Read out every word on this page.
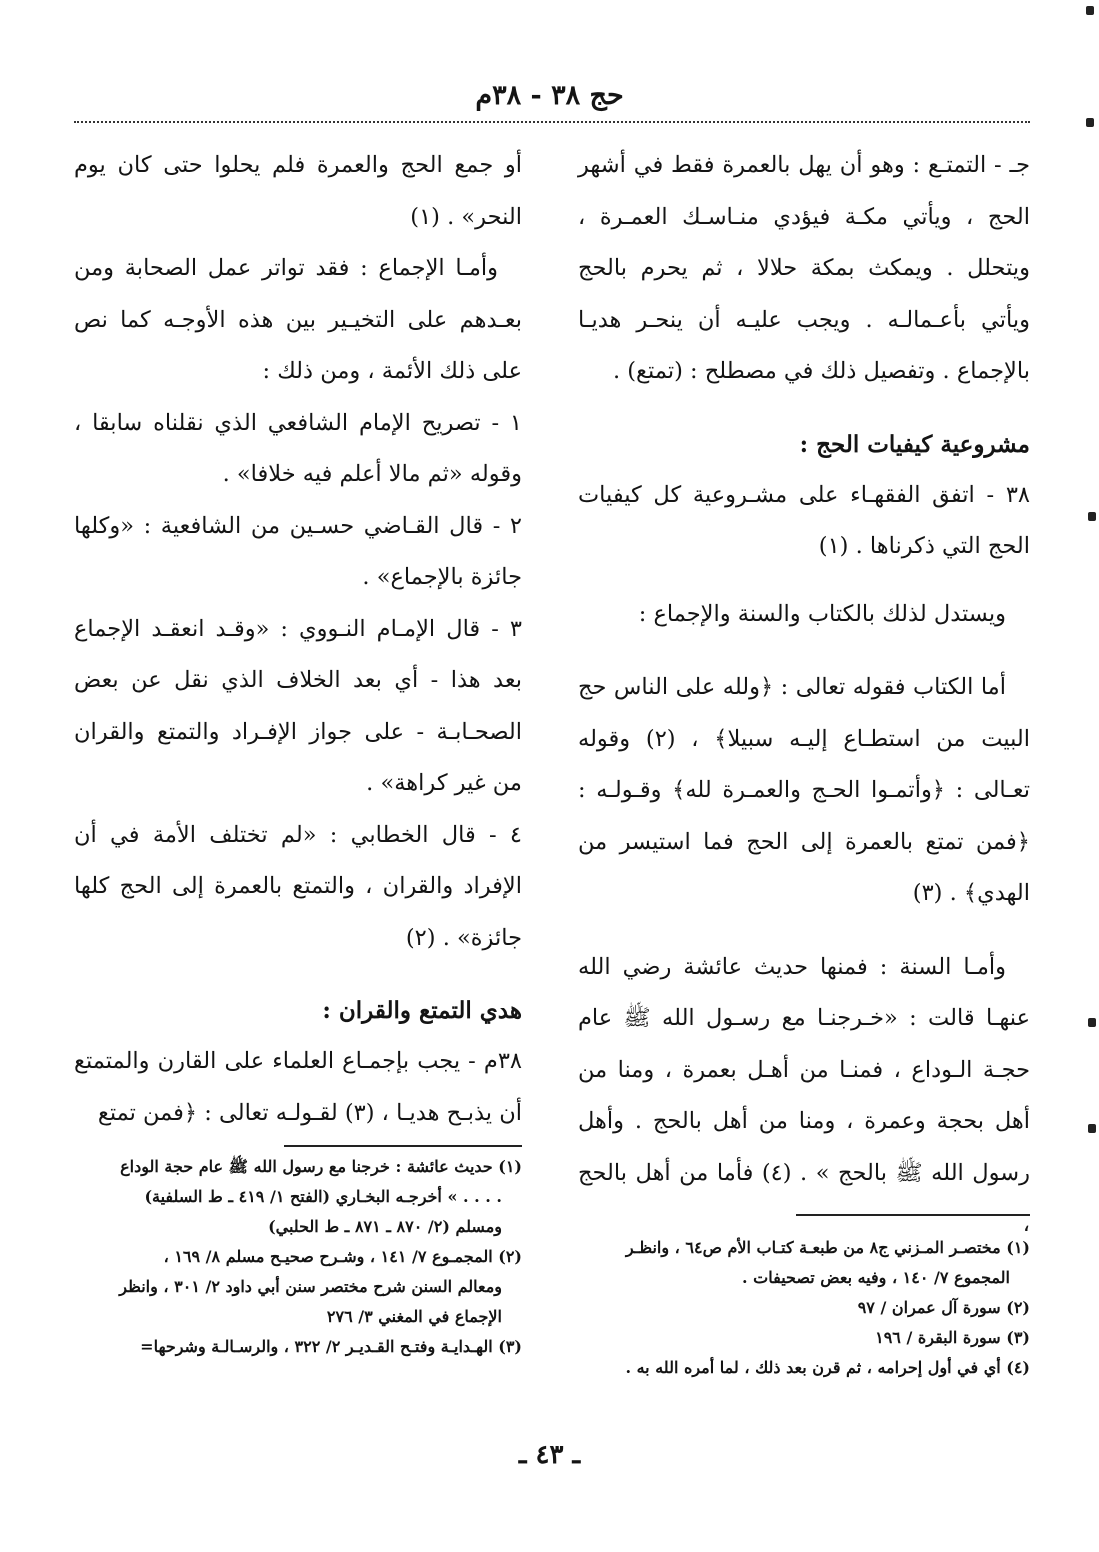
حج ٣٨ - ٣٨م

جـ - التمتـع : وهو أن يهل بالعمرة فقط في أشهر الحج ، ويأتي مكـة فيؤدي منـاسـك العمـرة ، ويتحلل . ويمكث بمكة حلالا ، ثم يحرم بالحج ويأتي بأعـمالـه . ويجب عليـه أن ينحـر هديـا بالإجماع . وتفصيل ذلك في مصطلح : (تمتع) .

مشروعية كيفيات الحج :

٣٨ - اتفق الفقهـاء على مشـروعية كل كيفيات الحج التي ذكرناها . (١)

ويستدل لذلك بالكتاب والسنة والإجماع :

أما الكتاب فقوله تعالى : ﴿ولله على الناس حج البيت من استطـاع إليـه سبيلا﴾ ، (٢) وقوله تعـالى : ﴿وأتمـوا الحـج والعمـرة لله﴾ وقـولـه : ﴿فمن تمتع بالعمرة إلى الحج فما استيسر من الهدي﴾ . (٣)

وأمـا السنة : فمنها حديث عائشة رضي الله عنهـا قالت : «خـرجنـا مع رسـول الله ﷺ عام حجـة الـوداع ، فمنـا من أهـل بعمرة ، ومنا من أهل بحجة وعمرة ، ومنا من أهل بالحج . وأهل رسول الله ﷺ بالحج » . (٤) فأما من أهل بالحج ،

أو جمع الحج والعمرة فلم يحلوا حتى كان يوم النحر» . (١)

وأمـا الإجماع : فقد تواتر عمل الصحابة ومن بعـدهم على التخيـير بين هذه الأوجـه كما نص على ذلك الأئمة ، ومن ذلك :

١ - تصريح الإمام الشافعي الذي نقلناه سابقا ، وقوله «ثم مالا أعلم فيه خلافا» .

٢ - قال القـاضي حسـين من الشافعية : «وكلها جائزة بالإجماع» .

٣ - قال الإمـام النـووي : «وقـد انعقـد الإجماع بعد هذا - أي بعد الخلاف الذي نقل عن بعض الصحـابـة - على جواز الإفـراد والتمتع والقران من غير كراهة» .

٤ - قال الخطابي : «لم تختلف الأمة في أن الإفراد والقران ، والتمتع بالعمرة إلى الحج كلها جائزة» . (٢)

هدي التمتع والقران :

٣٨م - يجب بإجمـاع العلماء على القارن والمتمتع أن يذبـح هديـا ، (٣) لقـولـه تعالى : ﴿فمن تمتع

(١) مختصـر المـزني ج٨ من طبعـة كتـاب الأم ص٦٤ ، وانظـر

المجموع ٧/ ١٤٠ ، وفيه بعض تصحيفات .

(٢) سورة آل عمران / ٩٧

(٣) سورة البقرة / ١٩٦

(٤) أي في أول إحرامه ، ثم قرن بعد ذلك ، لما أمره الله به .

(١) حديث عائشة : خرجنا مع رسول الله ﷺ عام حجة الوداع

. . . . » أخرجـه البخـاري (الفتح ١/ ٤١٩ ـ ط السلفية)

ومسلم (٢/ ٨٧٠ ـ ٨٧١ ـ ط الحلبي)

(٢) المجمـوع ٧/ ١٤١ ، وشـرح صحيـح مسلم ٨/ ١٦٩ ،

ومعالم السنن شرح مختصر سنن أبي داود ٢/ ٣٠١ ، وانظر

الإجماع في المغني ٣/ ٢٧٦

(٣) الهـدايـة وفتـح القـديـر ٢/ ٣٢٢ ، والرسـالـة وشرحها=

ـ ٤٣ ـ
